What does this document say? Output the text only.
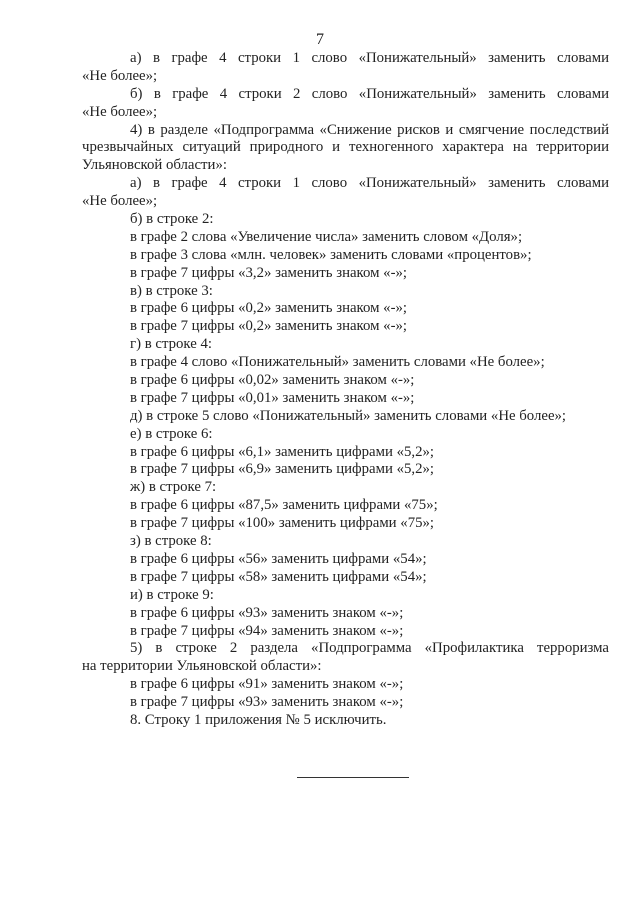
7
а) в графе 4 строки 1 слово «Понижательный» заменить словами
«Не более»;
б) в графе 4 строки 2 слово «Понижательный» заменить словами
«Не более»;
4) в разделе «Подпрограмма «Снижение рисков и смягчение последствий
чрезвычайных ситуаций природного и техногенного характера на территории
Ульяновской области»:
а) в графе 4 строки 1 слово «Понижательный» заменить словами
«Не более»;
б) в строке 2:
в графе 2 слова «Увеличение числа» заменить словом «Доля»;
в графе 3 слова «млн. человек» заменить словами «процентов»;
в графе 7 цифры «3,2» заменить знаком «-»;
в) в строке 3:
в графе 6 цифры «0,2» заменить знаком «-»;
в графе 7 цифры «0,2» заменить знаком «-»;
г) в строке 4:
в графе 4 слово «Понижательный» заменить словами «Не более»;
в графе 6 цифры «0,02» заменить знаком «-»;
в графе 7 цифры «0,01» заменить знаком «-»;
д) в строке 5 слово «Понижательный» заменить словами «Не более»;
е) в строке 6:
в графе 6 цифры «6,1» заменить цифрами «5,2»;
в графе 7 цифры «6,9» заменить цифрами «5,2»;
ж) в строке 7:
в графе 6 цифры «87,5» заменить цифрами «75»;
в графе 7 цифры «100» заменить цифрами «75»;
з) в строке 8:
в графе 6 цифры «56» заменить цифрами «54»;
в графе 7 цифры «58» заменить цифрами «54»;
и) в строке 9:
в графе 6 цифры «93» заменить знаком «-»;
в графе 7 цифры «94» заменить знаком «-»;
5) в строке 2 раздела «Подпрограмма «Профилактика терроризма
на территории Ульяновской области»:
в графе 6 цифры «91» заменить знаком «-»;
в графе 7 цифры «93» заменить знаком «-»;
8. Строку 1 приложения № 5 исключить.
